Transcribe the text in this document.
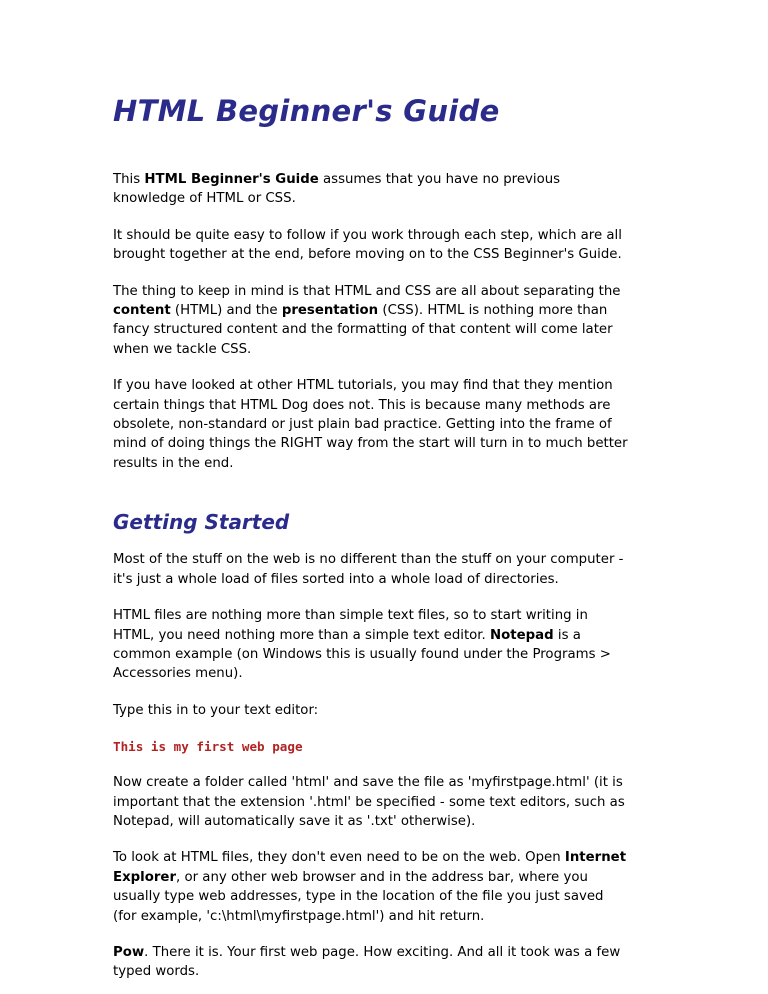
HTML Beginner's Guide

This HTML Beginner's Guide assumes that you have no previous
knowledge of HTML or CSS.

It should be quite easy to follow if you work through each step, which are all
brought together at the end, before moving on to the CSS Beginner's Guide.

The thing to keep in mind is that HTML and CSS are all about separating the
content (HTML) and the presentation (CSS). HTML is nothing more than
fancy structured content and the formatting of that content will come later
when we tackle CSS.

If you have looked at other HTML tutorials, you may find that they mention
certain things that HTML Dog does not. This is because many methods are
obsolete, non-standard or just plain bad practice. Getting into the frame of
mind of doing things the RIGHT way from the start will turn in to much better
results in the end.

Getting Started

Most of the stuff on the web is no different than the stuff on your computer -
it's just a whole load of files sorted into a whole load of directories.

HTML files are nothing more than simple text files, so to start writing in
HTML, you need nothing more than a simple text editor. Notepad is a
common example (on Windows this is usually found under the Programs >
Accessories menu).

Type this in to your text editor:

This is my first web page

Now create a folder called 'html' and save the file as 'myfirstpage.html' (it is
important that the extension '.html' be specified - some text editors, such as
Notepad, will automatically save it as '.txt' otherwise).

To look at HTML files, they don't even need to be on the web. Open Internet
Explorer, or any other web browser and in the address bar, where you
usually type web addresses, type in the location of the file you just saved
(for example, 'c:\html\myfirstpage.html') and hit return.

Pow. There it is. Your first web page. How exciting. And all it took was a few
typed words.
